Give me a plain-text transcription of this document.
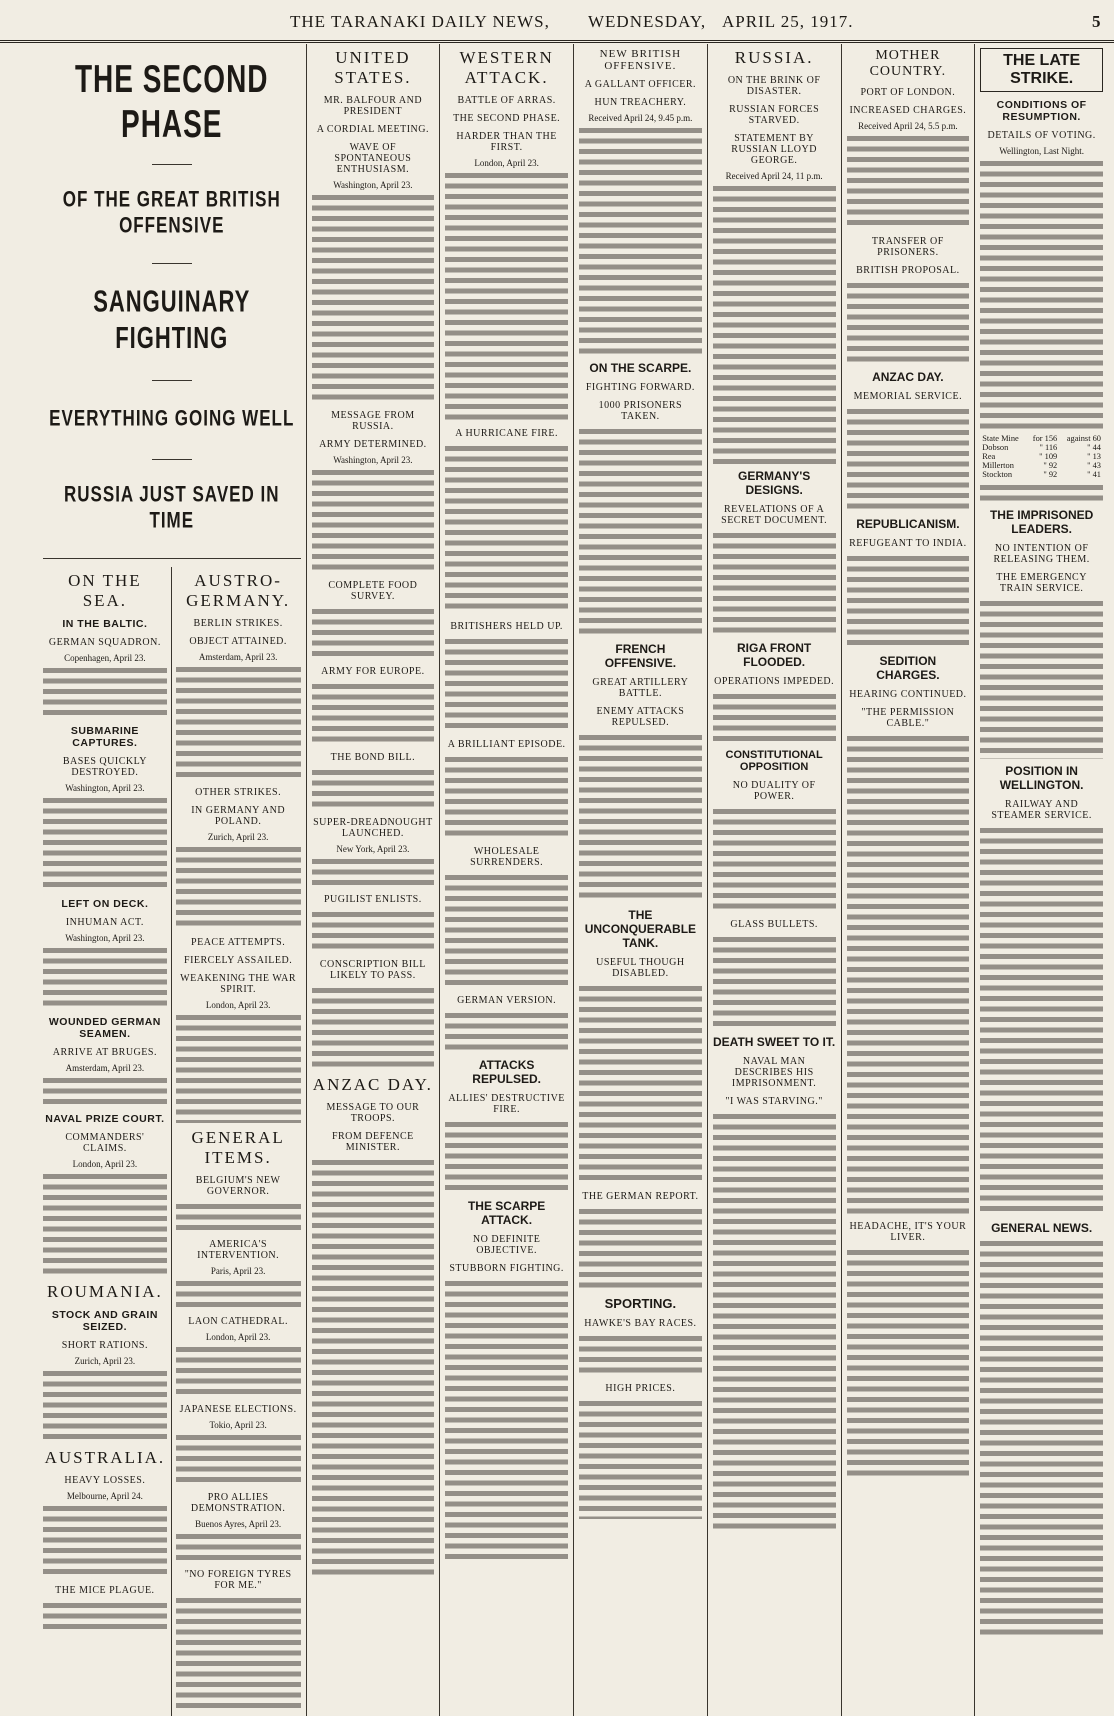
THE TARANAKI DAILY NEWS, WEDNESDAY, APRIL 25, 1917.	5
THE SECOND PHASE
OF THE GREAT BRITISH OFFENSIVE
SANGUINARY FIGHTING
EVERYTHING GOING WELL
RUSSIA JUST SAVED IN TIME
ON THE SEA.
IN THE BALTIC.
GERMAN SQUADRON.
Copenhagen, April 23.
SUBMARINE CAPTURES.
BASES QUICKLY DESTROYED.
Washington, April 23.
LEFT ON DECK.
INHUMAN ACT.
Washington, April 23.
WOUNDED GERMAN SEAMEN.
ARRIVE AT BRUGES.
Amsterdam, April 23.
NAVAL PRIZE COURT.
COMMANDERS' CLAIMS.
London, April 23.
ROUMANIA.
STOCK AND GRAIN SEIZED.
SHORT RATIONS.
Zurich, April 23.
AUSTRALIA.
HEAVY LOSSES.
Melbourne, April 24.
THE MICE PLAGUE.
AUSTRO-GERMANY.
BERLIN STRIKES.
OBJECT ATTAINED.
Amsterdam, April 23.
OTHER STRIKES.
IN GERMANY AND POLAND.
Zurich, April 23.
PEACE ATTEMPTS.
FIERCELY ASSAILED.
WEAKENING THE WAR SPIRIT.
London, April 23.
GENERAL ITEMS.
BELGIUM'S NEW GOVERNOR.
AMERICA'S INTERVENTION.
Paris, April 23.
LAON CATHEDRAL.
London, April 23.
JAPANESE ELECTIONS.
Tokio, April 23.
PRO ALLIES DEMONSTRATION.
Buenos Ayres, April 23.
"NO FOREIGN TYRES FOR ME."
UNITED STATES.
MR. BALFOUR AND PRESIDENT
A CORDIAL MEETING.
WAVE OF SPONTANEOUS ENTHUSIASM.
Washington, April 23.
MESSAGE FROM RUSSIA.
ARMY DETERMINED.
Washington, April 23.
COMPLETE FOOD SURVEY.
ARMY FOR EUROPE.
THE BOND BILL.
SUPER-DREADNOUGHT LAUNCHED.
New York, April 23.
PUGILIST ENLISTS.
CONSCRIPTION BILL LIKELY TO PASS.
ANZAC DAY.
MESSAGE TO OUR TROOPS.
FROM DEFENCE MINISTER.
WESTERN ATTACK.
BATTLE OF ARRAS.
THE SECOND PHASE.
HARDER THAN THE FIRST.
London, April 23.
A HURRICANE FIRE.
BRITISHERS HELD UP.
A BRILLIANT EPISODE.
WHOLESALE SURRENDERS.
GERMAN VERSION.
ATTACKS REPULSED.
ALLIES' DESTRUCTIVE FIRE.
THE SCARPE ATTACK.
NO DEFINITE OBJECTIVE.
STUBBORN FIGHTING.
NEW BRITISH OFFENSIVE.
A GALLANT OFFICER.
HUN TREACHERY.
Received April 24, 9.45 p.m.
ON THE SCARPE.
FIGHTING FORWARD.
1000 PRISONERS TAKEN.
FRENCH OFFENSIVE.
GREAT ARTILLERY BATTLE.
ENEMY ATTACKS REPULSED.
THE UNCONQUERABLE TANK.
USEFUL THOUGH DISABLED.
THE GERMAN REPORT.
SPORTING.
HAWKE'S BAY RACES.
HIGH PRICES.
RUSSIA.
ON THE BRINK OF DISASTER.
RUSSIAN FORCES STARVED.
STATEMENT BY RUSSIAN LLOYD GEORGE.
Received April 24, 11 p.m.
GERMANY'S DESIGNS.
REVELATIONS OF A SECRET DOCUMENT.
RIGA FRONT FLOODED.
OPERATIONS IMPEDED.
CONSTITUTIONAL OPPOSITION
NO DUALITY OF POWER.
GLASS BULLETS.
DEATH SWEET TO IT.
NAVAL MAN DESCRIBES HIS IMPRISONMENT.
"I WAS STARVING."
MOTHER COUNTRY.
PORT OF LONDON.
INCREASED CHARGES.
Received April 24, 5.5 p.m.
TRANSFER OF PRISONERS.
BRITISH PROPOSAL.
ANZAC DAY.
MEMORIAL SERVICE.
REPUBLICANISM.
REFUGEANT TO INDIA.
SEDITION CHARGES.
HEARING CONTINUED.
"THE PERMISSION CABLE."
HEADACHE, IT'S YOUR LIVER.
THE LATE STRIKE.
CONDITIONS OF RESUMPTION.
DETAILS OF VOTING.
Wellington, Last Night.
State Mine	for 156	against 60
Dobson	" 116	" 44
Rea	" 109	" 13
Millerton	" 92	" 43
Stockton	" 92	" 41
THE IMPRISONED LEADERS.
NO INTENTION OF RELEASING THEM.
THE EMERGENCY TRAIN SERVICE.
POSITION IN WELLINGTON.
RAILWAY AND STEAMER SERVICE.
GENERAL NEWS.
